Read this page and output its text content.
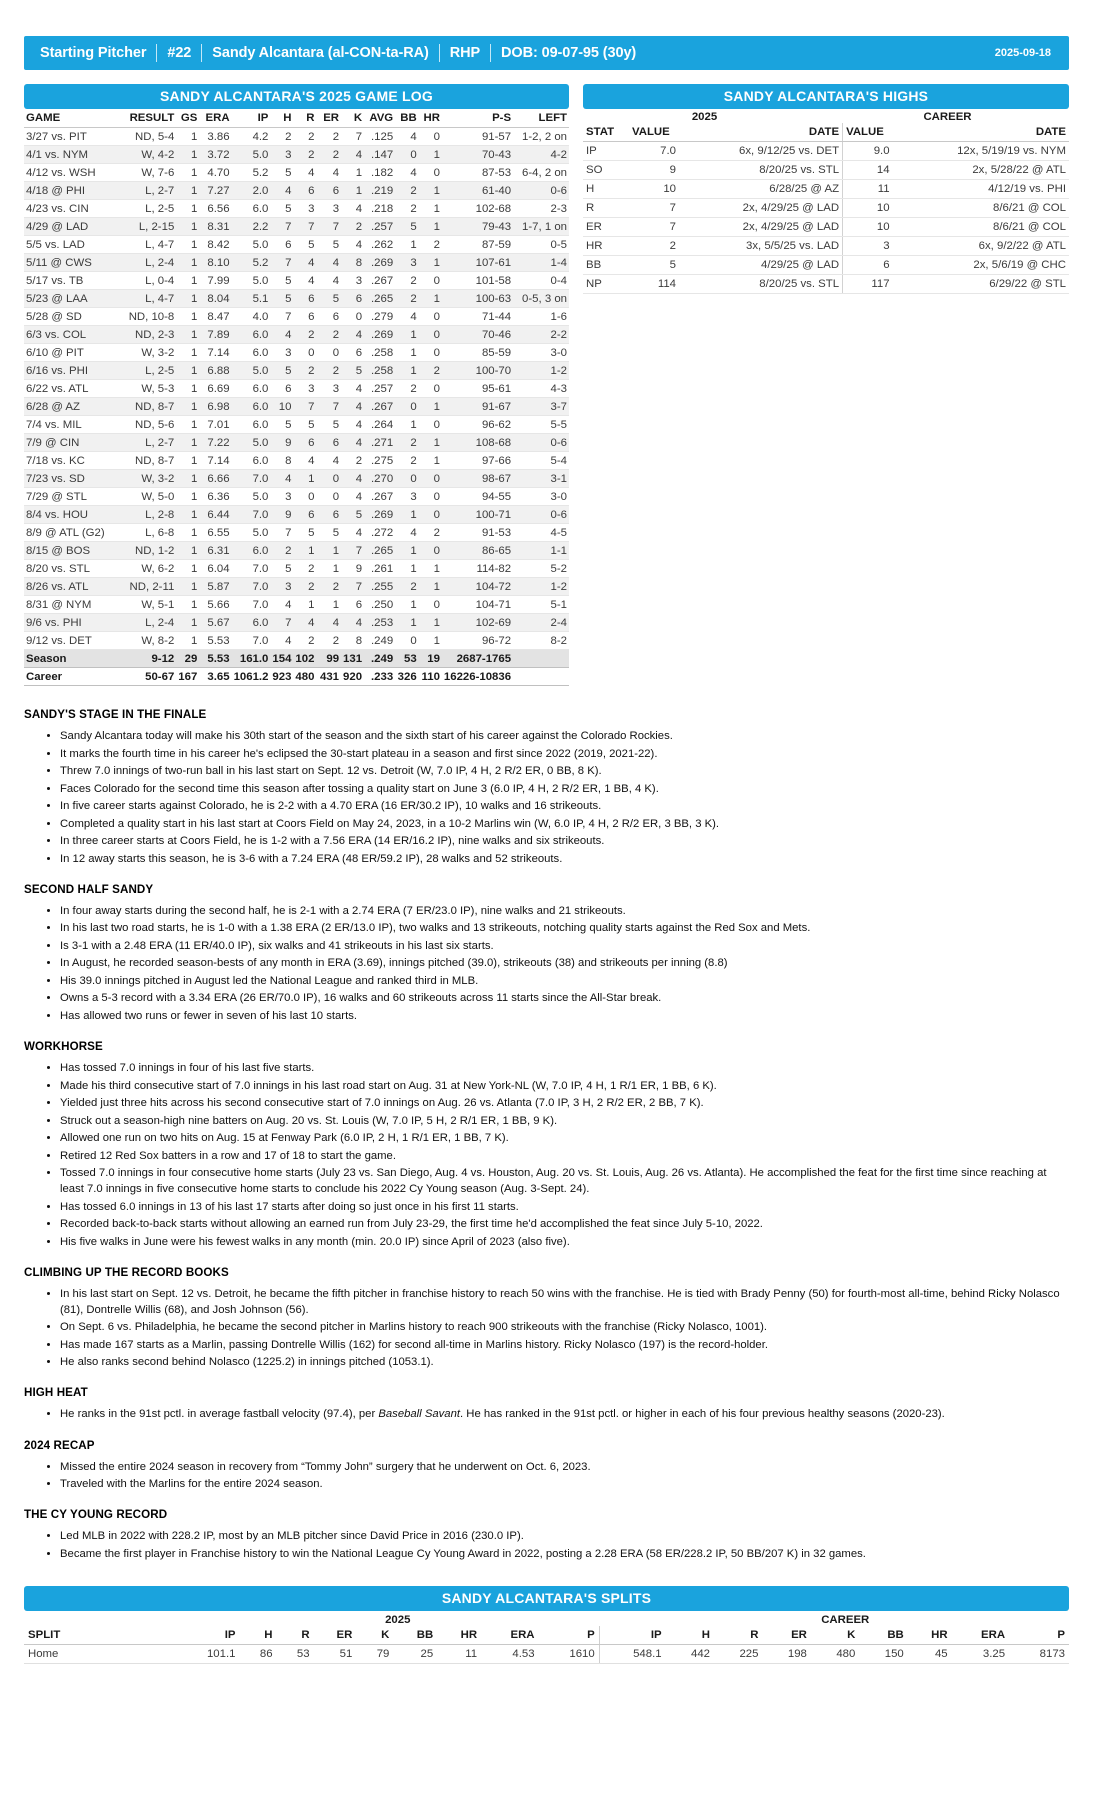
Starting Pitcher	#22	Sandy Alcantara (al-CON-ta-RA)	RHP	DOB: 09-07-95 (30y)	2025-09-18
SANDY ALCANTARA'S 2025 GAME LOG
GAME	RESULT	GS	ERA	IP	H	R	ER	K	AVG	BB	HR	P-S	LEFT
3/27 vs. PIT	ND, 5-4	1	3.86	4.2	2	2	2	7	.125	4	0	91-57	1-2, 2 on
4/1 vs. NYM	W, 4-2	1	3.72	5.0	3	2	2	4	.147	0	1	70-43	4-2
4/12 vs. WSH	W, 7-6	1	4.70	5.2	5	4	4	1	.182	4	0	87-53	6-4, 2 on
4/18 @ PHI	L, 2-7	1	7.27	2.0	4	6	6	1	.219	2	1	61-40	0-6
4/23 vs. CIN	L, 2-5	1	6.56	6.0	5	3	3	4	.218	2	1	102-68	2-3
4/29 @ LAD	L, 2-15	1	8.31	2.2	7	7	7	2	.257	5	1	79-43	1-7, 1 on
5/5 vs. LAD	L, 4-7	1	8.42	5.0	6	5	5	4	.262	1	2	87-59	0-5
5/11 @ CWS	L, 2-4	1	8.10	5.2	7	4	4	8	.269	3	1	107-61	1-4
5/17 vs. TB	L, 0-4	1	7.99	5.0	5	4	4	3	.267	2	0	101-58	0-4
5/23 @ LAA	L, 4-7	1	8.04	5.1	5	6	5	6	.265	2	1	100-63	0-5, 3 on
5/28 @ SD	ND, 10-8	1	8.47	4.0	7	6	6	0	.279	4	0	71-44	1-6
6/3 vs. COL	ND, 2-3	1	7.89	6.0	4	2	2	4	.269	1	0	70-46	2-2
6/10 @ PIT	W, 3-2	1	7.14	6.0	3	0	0	6	.258	1	0	85-59	3-0
6/16 vs. PHI	L, 2-5	1	6.88	5.0	5	2	2	5	.258	1	2	100-70	1-2
6/22 vs. ATL	W, 5-3	1	6.69	6.0	6	3	3	4	.257	2	0	95-61	4-3
6/28 @ AZ	ND, 8-7	1	6.98	6.0	10	7	7	4	.267	0	1	91-67	3-7
7/4 vs. MIL	ND, 5-6	1	7.01	6.0	5	5	5	4	.264	1	0	96-62	5-5
7/9 @ CIN	L, 2-7	1	7.22	5.0	9	6	6	4	.271	2	1	108-68	0-6
7/18 vs. KC	ND, 8-7	1	7.14	6.0	8	4	4	2	.275	2	1	97-66	5-4
7/23 vs. SD	W, 3-2	1	6.66	7.0	4	1	0	4	.270	0	0	98-67	3-1
7/29 @ STL	W, 5-0	1	6.36	5.0	3	0	0	4	.267	3	0	94-55	3-0
8/4 vs. HOU	L, 2-8	1	6.44	7.0	9	6	6	5	.269	1	0	100-71	0-6
8/9 @ ATL (G2)	L, 6-8	1	6.55	5.0	7	5	5	4	.272	4	2	91-53	4-5
8/15 @ BOS	ND, 1-2	1	6.31	6.0	2	1	1	7	.265	1	0	86-65	1-1
8/20 vs. STL	W, 6-2	1	6.04	7.0	5	2	1	9	.261	1	1	114-82	5-2
8/26 vs. ATL	ND, 2-11	1	5.87	7.0	3	2	2	7	.255	2	1	104-72	1-2
8/31 @ NYM	W, 5-1	1	5.66	7.0	4	1	1	6	.250	1	0	104-71	5-1
9/6 vs. PHI	L, 2-4	1	5.67	6.0	7	4	4	4	.253	1	1	102-69	2-4
9/12 vs. DET	W, 8-2	1	5.53	7.0	4	2	2	8	.249	0	1	96-72	8-2
Season	9-12	29	5.53	161.0	154	102	99	131	.249	53	19	2687-1765	
Career	50-67	167	3.65	1061.2	923	480	431	920	.233	326	110	16226-10836	
SANDY ALCANTARA'S HIGHS
2025	CAREER
STAT	VALUE	DATE	VALUE	DATE
IP	7.0	6x, 9/12/25 vs. DET	9.0	12x, 5/19/19 vs. NYM
SO	9	8/20/25 vs. STL	14	2x, 5/28/22 @ ATL
H	10	6/28/25 @ AZ	11	4/12/19 vs. PHI
R	7	2x, 4/29/25 @ LAD	10	8/6/21 @ COL
ER	7	2x, 4/29/25 @ LAD	10	8/6/21 @ COL
HR	2	3x, 5/5/25 vs. LAD	3	6x, 9/2/22 @ ATL
BB	5	4/29/25 @ LAD	6	2x, 5/6/19 @ CHC
NP	114	8/20/25 vs. STL	117	6/29/22 @ STL
SANDY'S STAGE IN THE FINALE
• Sandy Alcantara today will make his 30th start of the season and the sixth start of his career against the Colorado Rockies.
• It marks the fourth time in his career he's eclipsed the 30-start plateau in a season and first since 2022 (2019, 2021-22).
• Threw 7.0 innings of two-run ball in his last start on Sept. 12 vs. Detroit (W, 7.0 IP, 4 H, 2 R/2 ER, 0 BB, 8 K).
• Faces Colorado for the second time this season after tossing a quality start on June 3 (6.0 IP, 4 H, 2 R/2 ER, 1 BB, 4 K).
• In five career starts against Colorado, he is 2-2 with a 4.70 ERA (16 ER/30.2 IP), 10 walks and 16 strikeouts.
• Completed a quality start in his last start at Coors Field on May 24, 2023, in a 10-2 Marlins win (W, 6.0 IP, 4 H, 2 R/2 ER, 3 BB, 3 K).
• In three career starts at Coors Field, he is 1-2 with a 7.56 ERA (14 ER/16.2 IP), nine walks and six strikeouts.
• In 12 away starts this season, he is 3-6 with a 7.24 ERA (48 ER/59.2 IP), 28 walks and 52 strikeouts.
SECOND HALF SANDY
• In four away starts during the second half, he is 2-1 with a 2.74 ERA (7 ER/23.0 IP), nine walks and 21 strikeouts.
• In his last two road starts, he is 1-0 with a 1.38 ERA (2 ER/13.0 IP), two walks and 13 strikeouts, notching quality starts against the Red Sox and Mets.
• Is 3-1 with a 2.48 ERA (11 ER/40.0 IP), six walks and 41 strikeouts in his last six starts.
• In August, he recorded season-bests of any month in ERA (3.69), innings pitched (39.0), strikeouts (38) and strikeouts per inning (8.8)
• His 39.0 innings pitched in August led the National League and ranked third in MLB.
• Owns a 5-3 record with a 3.34 ERA (26 ER/70.0 IP), 16 walks and 60 strikeouts across 11 starts since the All-Star break.
• Has allowed two runs or fewer in seven of his last 10 starts.
WORKHORSE
• Has tossed 7.0 innings in four of his last five starts.
• Made his third consecutive start of 7.0 innings in his last road start on Aug. 31 at New York-NL (W, 7.0 IP, 4 H, 1 R/1 ER, 1 BB, 6 K).
• Yielded just three hits across his second consecutive start of 7.0 innings on Aug. 26 vs. Atlanta (7.0 IP, 3 H, 2 R/2 ER, 2 BB, 7 K).
• Struck out a season-high nine batters on Aug. 20 vs. St. Louis (W, 7.0 IP, 5 H, 2 R/1 ER, 1 BB, 9 K).
• Allowed one run on two hits on Aug. 15 at Fenway Park (6.0 IP, 2 H, 1 R/1 ER, 1 BB, 7 K).
• Retired 12 Red Sox batters in a row and 17 of 18 to start the game.
• Tossed 7.0 innings in four consecutive home starts (July 23 vs. San Diego, Aug. 4 vs. Houston, Aug. 20 vs. St. Louis, Aug. 26 vs. Atlanta). He accomplished the feat for the first time since reaching at least 7.0 innings in five consecutive home starts to conclude his 2022 Cy Young season (Aug. 3-Sept. 24).
• Has tossed 6.0 innings in 13 of his last 17 starts after doing so just once in his first 11 starts.
• Recorded back-to-back starts without allowing an earned run from July 23-29, the first time he'd accomplished the feat since July 5-10, 2022.
• His five walks in June were his fewest walks in any month (min. 20.0 IP) since April of 2023 (also five).
CLIMBING UP THE RECORD BOOKS
• In his last start on Sept. 12 vs. Detroit, he became the fifth pitcher in franchise history to reach 50 wins with the franchise. He is tied with Brady Penny (50) for fourth-most all-time, behind Ricky Nolasco (81), Dontrelle Willis (68), and Josh Johnson (56).
• On Sept. 6 vs. Philadelphia, he became the second pitcher in Marlins history to reach 900 strikeouts with the franchise (Ricky Nolasco, 1001).
• Has made 167 starts as a Marlin, passing Dontrelle Willis (162) for second all-time in Marlins history. Ricky Nolasco (197) is the record-holder.
• He also ranks second behind Nolasco (1225.2) in innings pitched (1053.1).
HIGH HEAT
• He ranks in the 91st pctl. in average fastball velocity (97.4), per Baseball Savant. He has ranked in the 91st pctl. or higher in each of his four previous healthy seasons (2020-23).
2024 RECAP
• Missed the entire 2024 season in recovery from “Tommy John” surgery that he underwent on Oct. 6, 2023.
• Traveled with the Marlins for the entire 2024 season.
THE CY YOUNG RECORD
• Led MLB in 2022 with 228.2 IP, most by an MLB pitcher since David Price in 2016 (230.0 IP).
• Became the first player in Franchise history to win the National League Cy Young Award in 2022, posting a 2.28 ERA (58 ER/228.2 IP, 50 BB/207 K) in 32 games.
SANDY ALCANTARA'S SPLITS
2025	CAREER
SPLIT	IP	H	R	ER	K	BB	HR	ERA	P	IP	H	R	ER	K	BB	HR	ERA	P
Home	101.1	86	53	51	79	25	11	4.53	1610	548.1	442	225	198	480	150	45	3.25	8173
